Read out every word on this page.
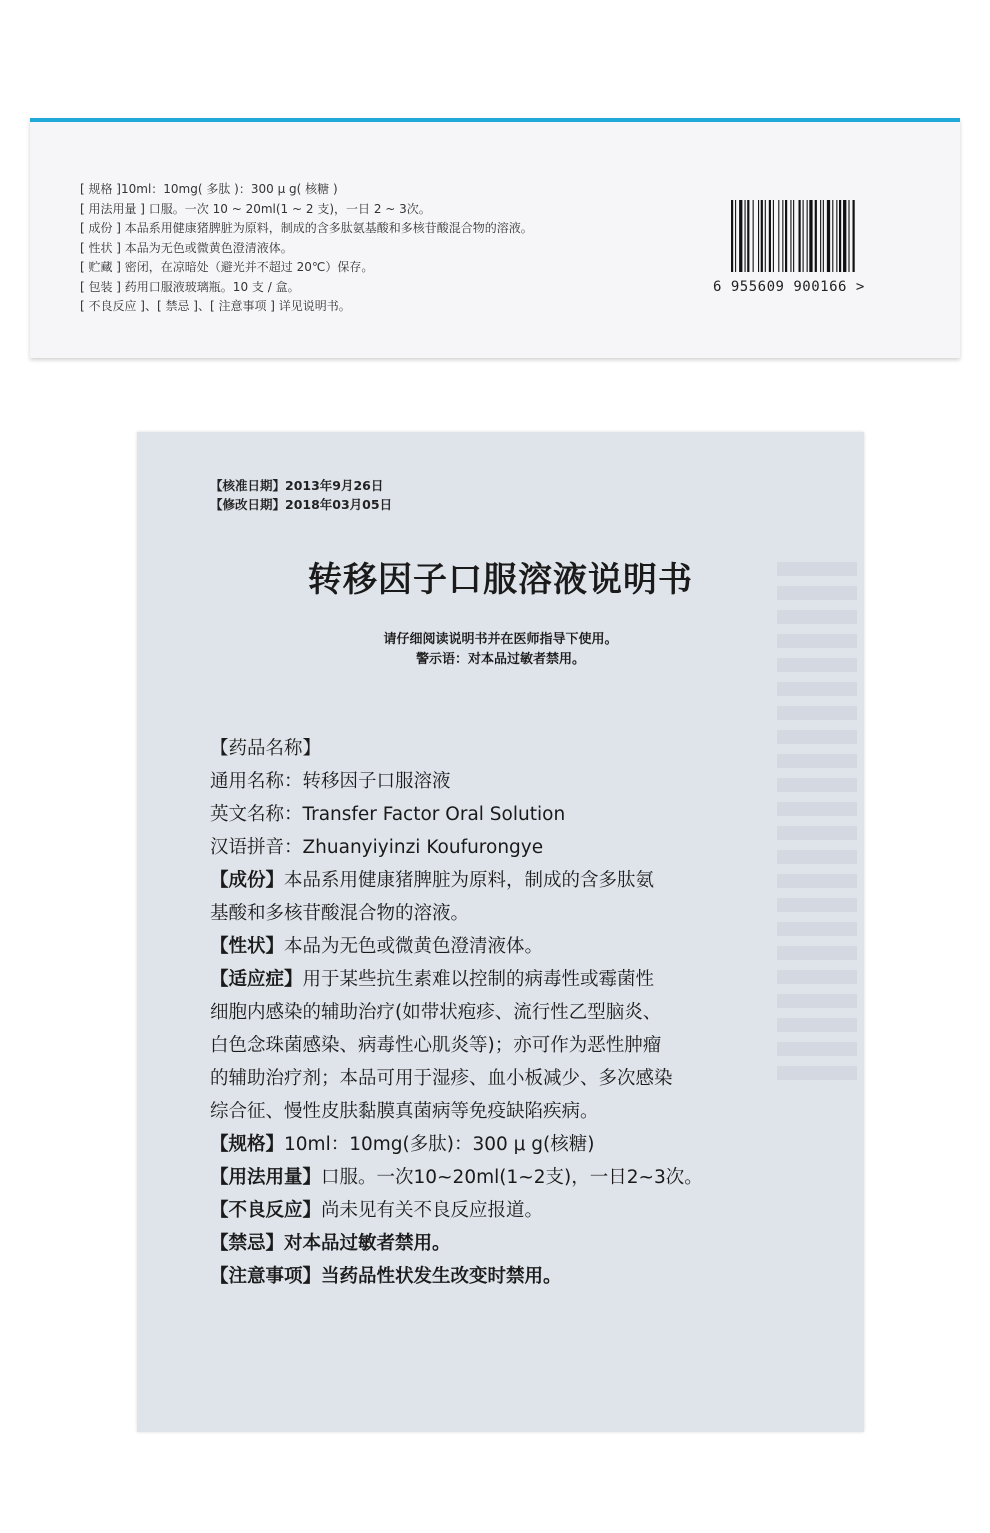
[ 规格 ]10ml：10mg( 多肽 )：300 μ g( 核糖 )
[ 用法用量 ] 口服。一次 10 ~ 20ml(1 ~ 2 支)，一日 2 ~ 3次。
[ 成份 ] 本品系用健康猪脾脏为原料，制成的含多肽氨基酸和多核苷酸混合物的溶液。
[ 性状 ] 本品为无色或微黄色澄清液体。
[ 贮藏 ] 密闭，在凉暗处（避光并不超过 20℃）保存。
[ 包装 ] 药用口服液玻璃瓶。10 支 / 盒。
[ 不良反应 ]、[ 禁忌 ]、[ 注意事项 ] 详见说明书。
6 955609 900166 >
【核准日期】2013年9月26日
【修改日期】2018年03月05日
转移因子口服溶液说明书
请仔细阅读说明书并在医师指导下使用。
警示语：对本品过敏者禁用。
【药品名称】
通用名称：转移因子口服溶液
英文名称：Transfer Factor Oral Solution
汉语拼音：Zhuanyiyinzi Koufurongye
【成份】本品系用健康猪脾脏为原料，制成的含多肽氨
基酸和多核苷酸混合物的溶液。
【性状】本品为无色或微黄色澄清液体。
【适应症】用于某些抗生素难以控制的病毒性或霉菌性
细胞内感染的辅助治疗(如带状疱疹、流行性乙型脑炎、
白色念珠菌感染、病毒性心肌炎等)；亦可作为恶性肿瘤
的辅助治疗剂；本品可用于湿疹、血小板减少、多次感染
综合征、慢性皮肤黏膜真菌病等免疫缺陷疾病。
【规格】10ml：10mg(多肽)：300 μ g(核糖)
【用法用量】口服。一次10~20ml(1~2支)，一日2~3次。
【不良反应】尚未见有关不良反应报道。
【禁忌】对本品过敏者禁用。
【注意事项】当药品性状发生改变时禁用。
